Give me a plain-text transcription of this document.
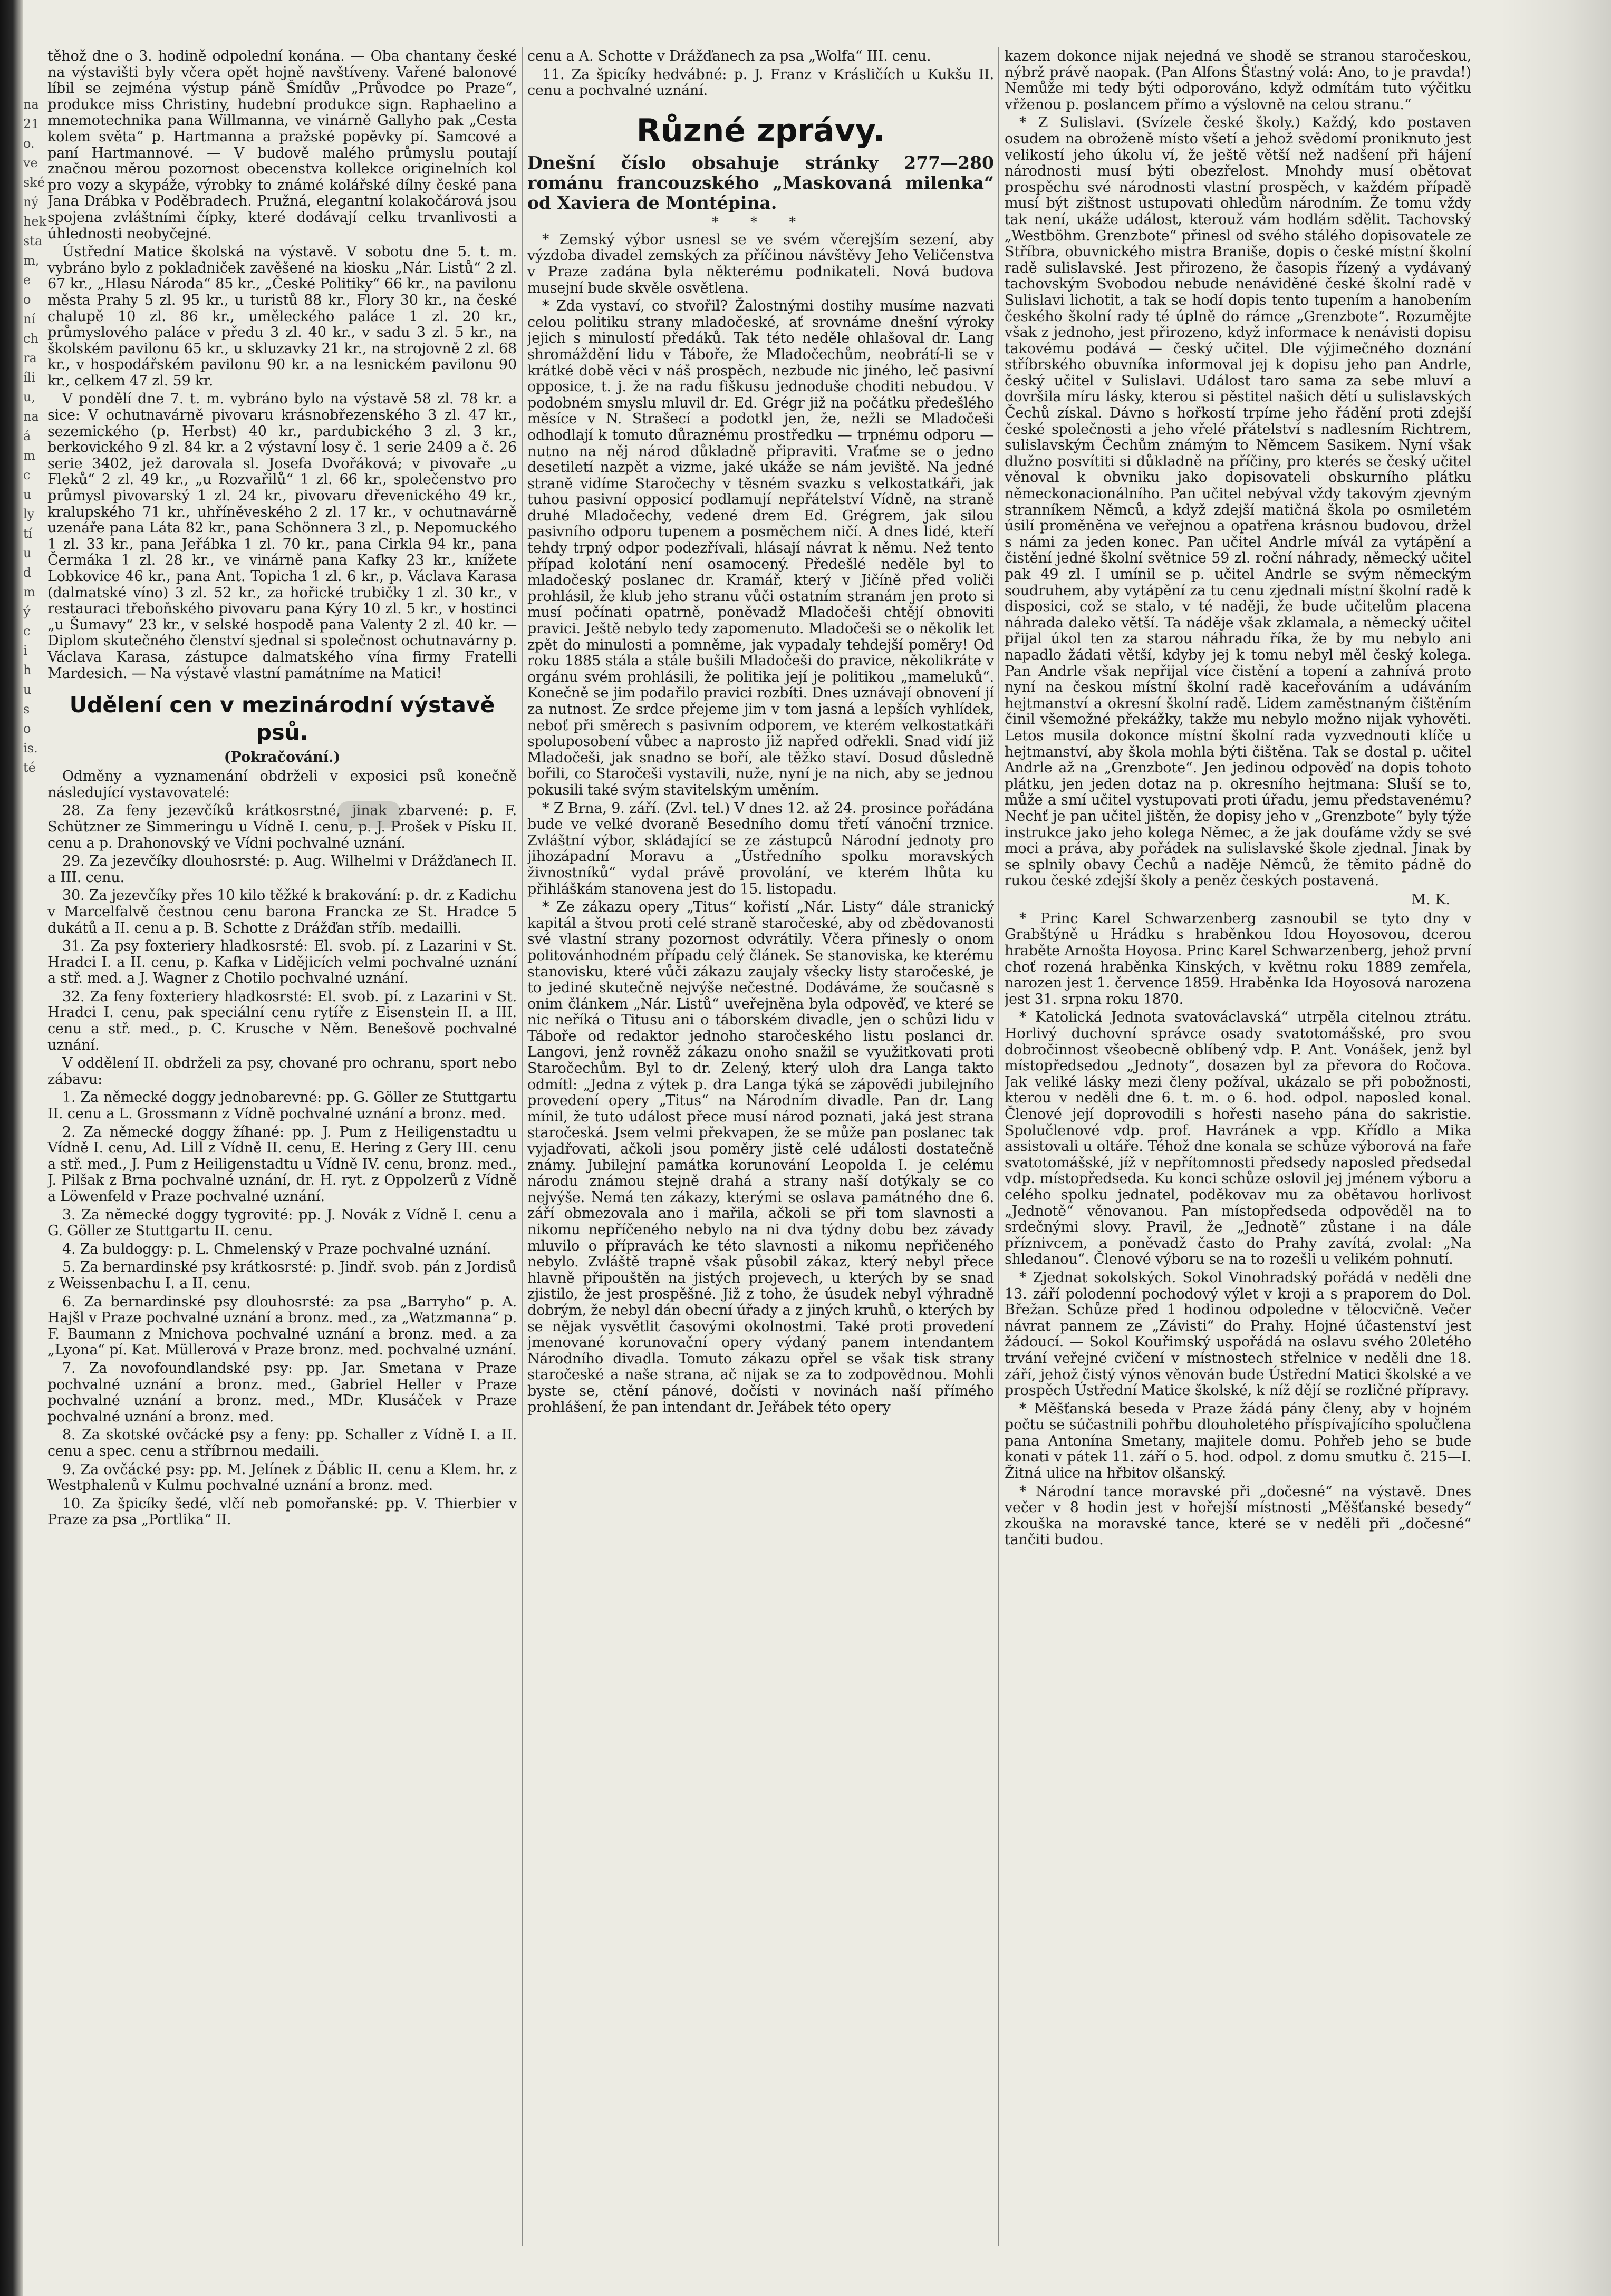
na
21
o.
ve
ské
ný
hek
sta
m,
e
o
ní
ch
ra
íli
u,
na
á
m
c
u
ly
tí
u
d
m
ý
c
i
h
u
s
o
is.
té

těhož dne o 3. hodině odpolední konána. — Oba chantany české na výstavišti byly včera opět hojně navštíveny. Vařené balonové líbil se zejména výstup páně Šmídův „Průvodce po Praze“, produkce miss Christiny, hudební produkce sign. Raphaelino a mnemotechnika pana Willmanna, ve vinárně Gallyho pak „Cesta kolem světa“ p. Hartmanna a pražské popěvky pí. Samcové a paní Hartmannové. — V budově malého průmyslu poutají značnou měrou pozornost obecenstva kollekce originelních kol pro vozy a skypáže, výrobky to známé kolářské dílny české pana Jana Drábka v Poděbradech. Pružná, elegantní kolakočárová jsou spojena zvláštními čípky, které dodávají celku trvanlivosti a úhlednosti neobyčejné.

Ústřední Matice školská na výstavě. V sobotu dne 5. t. m. vybráno bylo z pokladniček zavěšené na kiosku „Nár. Listů“ 2 zl. 67 kr., „Hlasu Národa“ 85 kr., „České Politiky“ 66 kr., na pavilonu města Prahy 5 zl. 95 kr., u turistů 88 kr., Flory 30 kr., na české chalupě 10 zl. 86 kr., uměleckého paláce 1 zl. 20 kr., průmyslového paláce v předu 3 zl. 40 kr., v sadu 3 zl. 5 kr., na školském pavilonu 65 kr., u skluzavky 21 kr., na strojovně 2 zl. 68 kr., v hospodářském pavilonu 90 kr. a na lesnickém pavilonu 90 kr., celkem 47 zl. 59 kr.

V pondělí dne 7. t. m. vybráno bylo na výstavě 58 zl. 78 kr. a sice: V ochutnavárně pivovaru krásnobřezenského 3 zl. 47 kr., sezemického (p. Herbst) 40 kr., pardubického 3 zl. 3 kr., berkovického 9 zl. 84 kr. a 2 výstavní losy č. 1 serie 2409 a č. 26 serie 3402, jež darovala sl. Josefa Dvořáková; v pivovaře „u Fleků“ 2 zl. 49 kr., „u Rozvařilů“ 1 zl. 66 kr., společenstvo pro průmysl pivovarský 1 zl. 24 kr., pivovaru dřevenického 49 kr., kralupského 71 kr., uhříněveského 2 zl. 17 kr., v ochutnavárně uzenáře pana Láta 82 kr., pana Schönnera 3 zl., p. Nepomuckého 1 zl. 33 kr., pana Jeřábka 1 zl. 70 kr., pana Cirkla 94 kr., pana Čermáka 1 zl. 28 kr., ve vinárně pana Kafky 23 kr., knížete Lobkovice 46 kr., pana Ant. Topicha 1 zl. 6 kr., p. Václava Karasa (dalmatské víno) 3 zl. 52 kr., za hořické trubičky 1 zl. 30 kr., v restauraci třeboňského pivovaru pana Kýry 10 zl. 5 kr., v hostinci „u Šumavy“ 23 kr., v selské hospodě pana Valenty 2 zl. 40 kr. — Diplom skutečného členství sjednal si společnost ochutnavárny p. Václava Karasa, zástupce dalmatského vína firmy Fratelli Mardesich. — Na výstavě vlastní památníme na Matici!

Udělení cen v mezinárodní výstavě psů.
(Pokračování.)

Odměny a vyznamenání obdrželi v exposici psů konečně následující vystavovatelé:

28. Za feny jezevčíků krátkosrstné, jinak zbarvené: p. F. Schützner ze Simmeringu u Vídně I. cenu, p. J. Prošek v Písku II. cenu a p. Drahonovský ve Vídni pochvalné uznání.

29. Za jezevčíky dlouhosrsté: p. Aug. Wilhelmi v Drážďanech II. a III. cenu.

30. Za jezevčíky přes 10 kilo těžké k brakování: p. dr. z Kadichu v Marcelfalvě čestnou cenu barona Francka ze St. Hradce 5 dukátů a II. cenu a p. B. Schotte z Drážďan stříb. medailli.

31. Za psy foxteriery hladkosrsté: El. svob. pí. z Lazarini v St. Hradci I. a II. cenu, p. Kafka v Lidějicích velmi pochvalné uznání a stř. med. a J. Wagner z Chotilo pochvalné uznání.

32. Za feny foxteriery hladkosrsté: El. svob. pí. z Lazarini v St. Hradci I. cenu, pak speciální cenu rytíře z Eisenstein II. a III. cenu a stř. med., p. C. Krusche v Něm. Benešově pochvalné uznání.

V oddělení II. obdrželi za psy, chované pro ochranu, sport nebo zábavu:

1. Za německé doggy jednobarevné: pp. G. Göller ze Stuttgartu II. cenu a L. Grossmann z Vídně pochvalné uznání a bronz. med.

2. Za německé doggy žíhané: pp. J. Pum z Heiligenstadtu u Vídně I. cenu, Ad. Lill z Vídně II. cenu, E. Hering z Gery III. cenu a stř. med., J. Pum z Heiligenstadtu u Vídně IV. cenu, bronz. med., J. Pilšak z Brna pochvalné uznání, dr. H. ryt. z Oppolzerů z Vídně a Löwenfeld v Praze pochvalné uznání.

3. Za německé doggy tygrovité: pp. J. Novák z Vídně I. cenu a G. Göller ze Stuttgartu II. cenu.

4. Za buldoggy: p. L. Chmelenský v Praze pochvalné uznání.

5. Za bernardinské psy krátkosrsté: p. Jindř. svob. pán z Jordisů z Weissenbachu I. a II. cenu.

6. Za bernardinské psy dlouhosrsté: za psa „Barryho“ p. A. Hajšl v Praze pochvalné uznání a bronz. med., za „Watzmanna“ p. F. Baumann z Mnichova pochvalné uznání a bronz. med. a za „Lyona“ pí. Kat. Müllerová v Praze bronz. med. pochvalné uznání.

7. Za novofoundlandské psy: pp. Jar. Smetana v Praze pochvalné uznání a bronz. med., Gabriel Heller v Praze pochvalné uznání a bronz. med., MDr. Klusáček v Praze pochvalné uznání a bronz. med.

8. Za skotské ovčácké psy a feny: pp. Schaller z Vídně I. a II. cenu a spec. cenu a stříbrnou medaili.

9. Za ovčácké psy: pp. M. Jelínek z Ďáblic II. cenu a Klem. hr. z Westphalenů v Kulmu pochvalné uznání a bronz. med.

10. Za špicíky šedé, vlčí neb pomořanské: pp. V. Thierbier v Praze za psa „Portlika“ II.

cenu a A. Schotte v Drážďanech za psa „Wolfa“ III. cenu.

11. Za špicíky hedvábné: p. J. Franz v Krásličích u Kukšu II. cenu a pochvalné uznání.

Různé zprávy.

Dnešní číslo obsahuje stránky 277—280 románu francouzského „Maskovaná milenka“ od Xaviera de Montépina.

* * *

* Zemský výbor usnesl se ve svém včerejším sezení, aby výzdoba divadel zemských za příčinou návštěvy Jeho Veličenstva v Praze zadána byla některému podnikateli. Nová budova musejní bude skvěle osvětlena.

* Zda vystaví, co stvořil? Žalostnými dostihy musíme nazvati celou politiku strany mladočeské, ať srovnáme dnešní výroky jejich s minulostí předáků. Tak této neděle ohlašoval dr. Lang shromáždění lidu v Táboře, že Mladočechům, neobrátí-li se v krátké době věci v náš prospěch, nezbude nic jiného, leč pasivní opposice, t. j. že na radu fiškusu jednoduše choditi nebudou. V podobném smyslu mluvil dr. Ed. Grégr již na počátku předešlého měsíce v N. Strašecí a podotkl jen, že, nežli se Mladočeši odhodlají k tomuto důraznému prostředku — trpnému odporu — nutno na něj národ důkladně připraviti. Vraťme se o jedno desetiletí nazpět a vizme, jaké ukáže se nám jeviště. Na jedné straně vidíme Staročechy v těsném svazku s velkostatkáři, jak tuhou pasivní opposicí podlamují nepřátelství Vídně, na straně druhé Mladočechy, vedené drem Ed. Grégrem, jak silou pasivního odporu tupenem a posměchem ničí. A dnes lidé, kteří tehdy trpný odpor podezřívali, hlásají návrat k němu. Než tento případ kolotání není osamocený. Předešlé neděle byl to mladočeský poslanec dr. Kramář, který v Jičíně před voliči prohlásil, že klub jeho stranu vůči ostatním stranám jen proto si musí počínati opatrně, poněvadž Mladočeši chtějí obnoviti pravici. Ještě nebylo tedy zapomenuto. Mladočeši se o několik let zpět do minulosti a pomněme, jak vypadaly tehdejší poměry! Od roku 1885 stála a stále bušili Mladočeši do pravice, několikráte v orgánu svém prohlásili, že politika její je politikou „mameluků“. Konečně se jim podařilo pravici rozbíti. Dnes uznávají obnovení jí za nutnost. Ze srdce přejeme jim v tom jasná a lepších vyhlídek, neboť při směrech s pasivním odporem, ve kterém velkostatkáři spoluposobení vůbec a naprosto již napřed odřekli. Snad vidí již Mladočeši, jak snadno se boří, ale těžko staví. Dosud důsledně bořili, co Staročeši vystavili, nuže, nyní je na nich, aby se jednou pokusili také svým stavitelským uměním.

* Z Brna, 9. září. (Zvl. tel.) V dnes 12. až 24. prosince pořádána bude ve velké dvoraně Besedního domu třetí vánoční trznice. Zvláštní výbor, skládající se ze zástupců Národní jednoty pro jihozápadní Moravu a „Ústředního spolku moravských živnostníků“ vydal právě provolání, ve kterém lhůta ku přihláškám stanovena jest do 15. listopadu.

* Ze zákazu opery „Titus“ kořistí „Nár. Listy“ dále stranický kapitál a štvou proti celé straně staročeské, aby od zbědovanosti své vlastní strany pozornost odvrátily. Včera přinesly o onom politovánhodném případu celý článek. Se stanoviska, ke kterému stanovisku, které vůči zákazu zaujaly všecky listy staročeské, je to jediné skutečně nejvýše nečestné. Dodáváme, že současně s onim článkem „Nár. Listů“ uveřejněna byla odpověď, ve které se nic neříká o Titusu ani o táborském divadle, jen o schůzi lidu v Táboře od redaktor jednoho staročeského listu poslanci dr. Langovi, jenž rovněž zákazu onoho snažil se využitkovati proti Staročechům. Byl to dr. Zelený, který uloh dra Langa takto odmítl: „Jedna z výtek p. dra Langa týká se zápovědi jubilejního provedení opery „Titus“ na Národním divadle. Pan dr. Lang mínil, že tuto událost přece musí národ poznati, jaká jest strana staročeská. Jsem velmi překvapen, že se může pan poslanec tak vyjadřovati, ačkoli jsou poměry jistě celé události dostatečně známy. Jubilejní památka korunování Leopolda I. je celému národu známou stejně drahá a strany naší dotýkaly se co nejvýše. Nemá ten zákazy, kterými se oslava památného dne 6. září obmezovala ano i mařila, ačkoli se při tom slavnosti a nikomu nepříčeného nebylo na ni dva týdny dobu bez závady mluvilo o přípravách ke této slavnosti a nikomu nepřičeného nebylo. Zvláště trapně však působil zákaz, který nebyl přece hlavně připouštěn na jistých projevech, u kterých by se snad zjistilo, že jest prospěšné. Již z toho, že úsudek nebyl výhradně dobrým, že nebyl dán obecní úřady a z jiných kruhů, o kterých by se nějak vysvětlit časovými okolnostmi. Také proti provedení jmenované korunovační opery výdaný panem intendantem Národního divadla. Tomuto zákazu opřel se však tisk strany staročeské a naše strana, ač nijak se za to zodpovědnou. Mohli byste se, ctění pánové, dočísti v novinách naší přímého prohlášení, že pan intendant dr. Jeřábek této opery

kazem dokonce nijak nejedná ve shodě se stranou staročeskou, nýbrž právě naopak. (Pan Alfons Šťastný volá: Ano, to je pravda!) Nemůže mi tedy býti odporováno, když odmítám tuto výčitku vřženou p. poslancem přímo a výslovně na celou stranu.“

* Z Sulislavi. (Svízele české školy.) Každý, kdo postaven osudem na obroženě místo všetí a jehož svědomí proniknuto jest velikostí jeho úkolu ví, že ještě větší než nadšení při hájení národnosti musí býti obezřelost. Mnohdy musí obětovat prospěchu své národnosti vlastní prospěch, v každém případě musí být zištnost ustupovati ohledům národním. Že tomu vždy tak není, ukáže událost, kterouž vám hodlám sdělit. Tachovský „Westböhm. Grenzbote“ přinesl od svého stálého dopisovatele ze Stříbra, obuvnického mistra Braniše, dopis o české místní školní radě sulislavské. Jest přirozeno, že časopis řízený a vydávaný tachovským Svobodou nebude nenáviděné české školní radě v Sulislavi lichotit, a tak se hodí dopis tento tupením a hanobením českého školní rady té úplně do rámce „Grenzbote“. Rozumějte však z jednoho, jest přirozeno, když informace k nenávisti dopisu takovému podává — český učitel. Dle výjimečného doznání stříbrského obuvníka informoval jej k dopisu jeho pan Andrle, český učitel v Sulislavi. Událost taro sama za sebe mluví a dovršila míru lásky, kterou si pěstitel našich dětí u sulislavských Čechů získal. Dávno s hořkostí trpíme jeho řádění proti zdejší české společnosti a jeho vřelé přátelství s nadlesním Richtrem, sulislavským Čechům známým to Němcem Sasikem. Nyní však dlužno posvítiti si důkladně na příčiny, pro kterés se český učitel věnoval k obvniku jako dopisovateli obskurního plátku německonacionálního. Pan učitel nebýval vždy takovým zjevným stranníkem Němců, a když zdejší matičná škola po osmiletém úsilí proměněna ve veřejnou a opatřena krásnou budovou, držel s námi za jeden konec. Pan učitel Andrle mívál za vytápění a čistění jedné školní světnice 59 zl. roční náhrady, německý učitel pak 49 zl. I umínil se p. učitel Andrle se svým německým soudruhem, aby vytápění za tu cenu zjednali místní školní radě k disposici, což se stalo, v té naději, že bude učitelům placena náhrada daleko větší. Ta náděje však zklamala, a německý učitel přijal úkol ten za starou náhradu říka, že by mu nebylo ani napadlo žádati větší, kdyby jej k tomu nebyl měl český kolega. Pan Andrle však nepřijal více čistění a topení a zahnívá proto nyní na českou místní školní radě kaceřováním a udáváním hejtmanství a okresní školní radě. Lidem zaměstnaným čištěním činil všemožné překážky, takže mu nebylo možno nijak vyhověti. Letos musila dokonce místní školní rada vyzvednouti klíče u hejtmanství, aby škola mohla býti čištěna. Tak se dostal p. učitel Andrle až na „Grenzbote“. Jen jedinou odpověď na dopis tohoto plátku, jen jeden dotaz na p. okresního hejtmana: Sluší se to, může a smí učitel vystupovati proti úřadu, jemu představenému? Nechť je pan učitel jištěn, že dopisy jeho v „Grenzbote“ byly týže instrukce jako jeho kolega Němec, a že jak doufáme vždy se své moci a práva, aby pořádek na sulislavské škole zjednal. Jinak by se splnily obavy Čechů a naděje Němců, že těmito pádně do rukou české zdejší školy a peněz českých postavená.

M. K.

* Princ Karel Schwarzenberg zasnoubil se tyto dny v Grabštýně u Hrádku s hraběnkou Idou Hoyosovou, dcerou hraběte Arnošta Hoyosa. Princ Karel Schwarzenberg, jehož první choť rozená hraběnka Kinských, v květnu roku 1889 zemřela, narozen jest 1. července 1859. Hraběnka Ida Hoyosová narozena jest 31. srpna roku 1870.

* Katolická Jednota svatováclavská“ utrpěla citelnou ztrátu. Horlivý duchovní správce osady svatotomášské, pro svou dobročinnost všeobecně oblíbený vdp. P. Ant. Vonášek, jenž byl místopředsedou „Jednoty“, dosazen byl za převora do Ročova. Jak veliké lásky mezi členy požíval, ukázalo se při pobožnosti, kterou v neděli dne 6. t. m. o 6. hod. odpol. naposled konal. Členové její doprovodili s hořesti naseho pána do sakristie. Spolučlenové vdp. prof. Havránek a vpp. Křídlo a Mika assistovali u oltáře. Téhož dne konala se schůze výborová na faře svatotomášské, jíž v nepřítomnosti předsedy naposled předsedal vdp. místopředseda. Ku konci schůze oslovil jej jménem výboru a celého spolku jednatel, poděkovav mu za obětavou horlivost „Jednotě“ věnovanou. Pan místopředseda odpověděl na to srdečnými slovy. Pravil, že „Jednotě“ zůstane i na dále příznivcem, a poněvadž často do Prahy zavítá, zvolal: „Na shledanou“. Členové výboru se na to rozešli u velikém pohnutí.

* Zjednat sokolských. Sokol Vinohradský pořádá v neděli dne 13. září polodenní pochodový výlet v kroji a s praporem do Dol. Břežan. Schůze před 1 hodinou odpoledne v tělocvičně. Večer návrat pannem ze „Závisti“ do Prahy. Hojné účastenství jest žádoucí. — Sokol Kouřimský uspořádá na oslavu svého 20letého trvání veřejné cvičení v místnostech střelnice v neděli dne 18. září, jehož čistý výnos věnován bude Ústřední Matici školské a ve prospěch Ústřední Matice školské, k níž dějí se rozličné přípravy.

* Měšťanská beseda v Praze žádá pány členy, aby v hojném počtu se súčastnili pohřbu dlouholetého příspívajícího spolučlena pana Antonína Smetany, majitele domu. Pohřeb jeho se bude konati v pátek 11. září o 5. hod. odpol. z domu smutku č. 215—I. Žitná ulice na hřbitov olšanský.

* Národní tance moravské při „dočesné“ na výstavě. Dnes večer v 8 hodin jest v hořejší místnosti „Měšťanské besedy“ zkouška na moravské tance, které se v neděli při „dočesné“ tančiti budou.
